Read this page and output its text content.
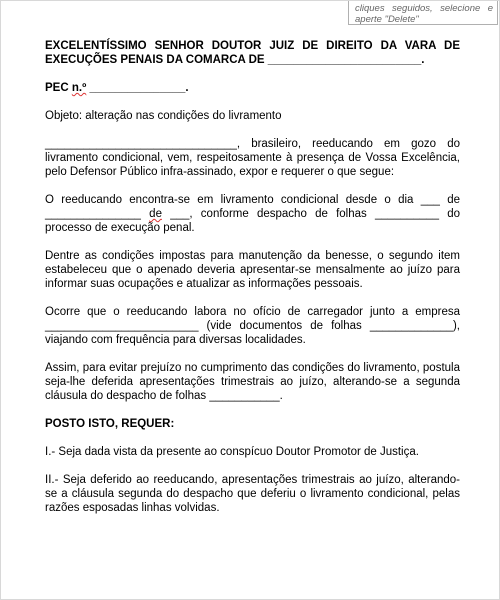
cliques seguidos, selecione e aperte "Delete"
EXCELENTÍSSIMO SENHOR DOUTOR JUIZ DE DIREITO DA VARA DE EXECUÇÕES PENAIS DA COMARCA DE ________________________.
PEC n.º _______________.

Objeto: alteração nas condições do livramento

______________________________, brasileiro, reeducando em gozo do livramento condicional, vem, respeitosamente à presença de Vossa Excelência, pelo Defensor Público infra-assinado, expor e requerer o que segue:

O reeducando encontra-se em livramento condicional desde o dia ___ de _______________ de ___, conforme despacho de folhas __________ do processo de execução penal.

Dentre as condições impostas para manutenção da benesse, o segundo item estabeleceu que o apenado deveria apresentar-se mensalmente ao juízo para informar suas ocupações e atualizar as informações pessoais.

Ocorre que o reeducando labora no ofício de carregador junto a empresa ________________________ (vide documentos de folhas _____________), viajando com frequência para diversas localidades.

Assim, para evitar prejuízo no cumprimento das condições do livramento, postula seja-lhe deferida apresentações trimestrais ao juízo, alterando-se a segunda cláusula do despacho de folhas ___________.

POSTO ISTO, REQUER:

I.- Seja dada vista da presente ao conspícuo Doutor Promotor de Justiça.

II.- Seja deferido ao reeducando, apresentações trimestrais ao juízo, alterando-se a cláusula segunda do despacho que deferiu o livramento condicional, pelas razões esposadas linhas volvidas.
